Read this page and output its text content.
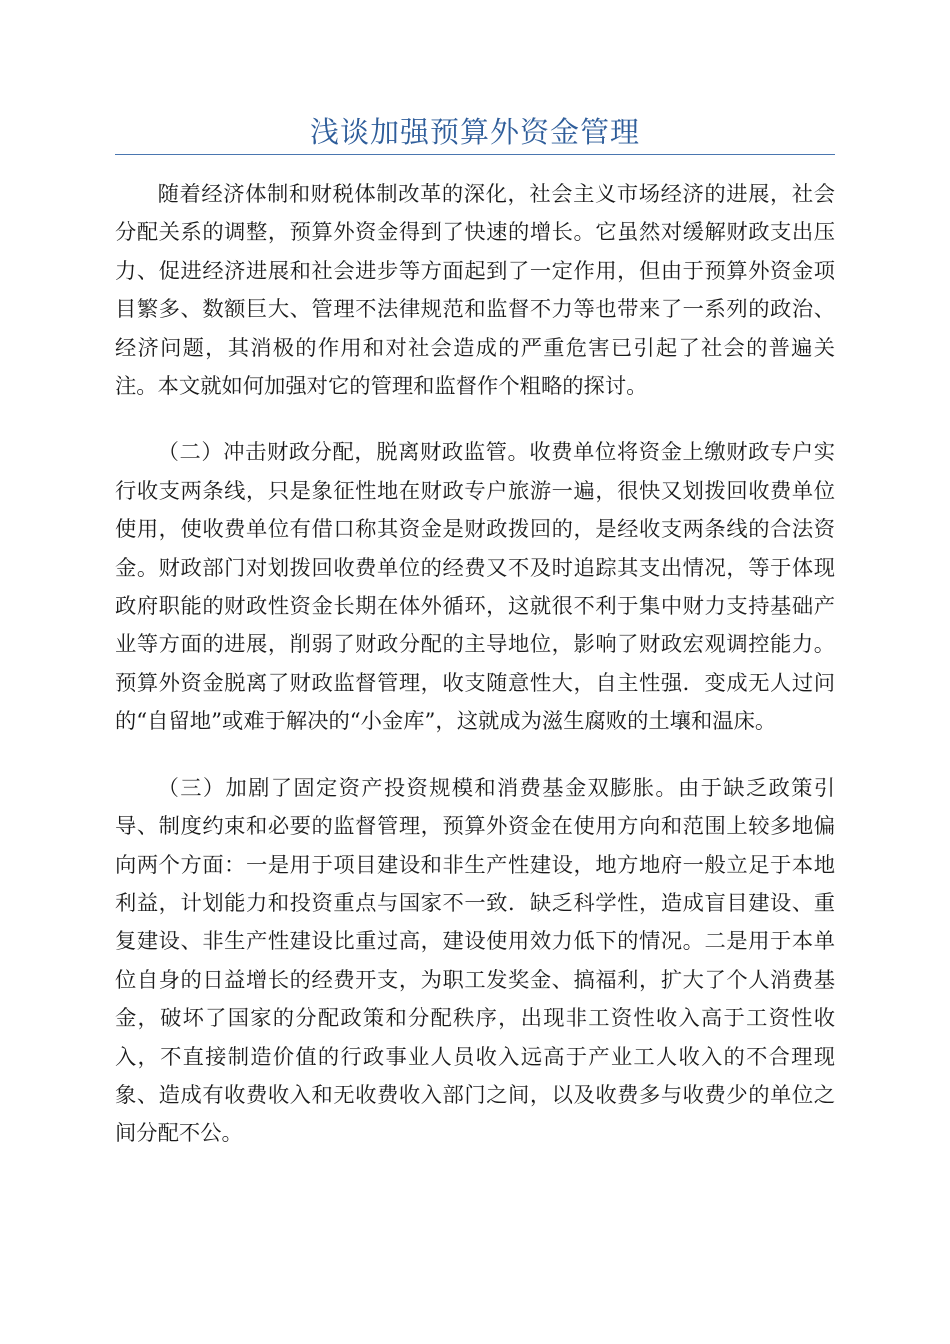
浅谈加强预算外资金管理

随着经济体制和财税体制改革的深化，社会主义市场经济的进展，社会分配关系的调整，预算外资金得到了快速的增长。它虽然对缓解财政支出压力、促进经济进展和社会进步等方面起到了一定作用，但由于预算外资金项目繁多、数额巨大、管理不法律规范和监督不力等也带来了一系列的政治、经济问题，其消极的作用和对社会造成的严重危害已引起了社会的普遍关注。本文就如何加强对它的管理和监督作个粗略的探讨。

（二）冲击财政分配，脱离财政监管。收费单位将资金上缴财政专户实行收支两条线，只是象征性地在财政专户旅游一遍，很快又划拨回收费单位使用，使收费单位有借口称其资金是财政拨回的，是经收支两条线的合法资金。财政部门对划拨回收费单位的经费又不及时追踪其支出情况，等于体现政府职能的财政性资金长期在体外循环，这就很不利于集中财力支持基础产业等方面的进展，削弱了财政分配的主导地位，影响了财政宏观调控能力。预算外资金脱离了财政监督管理，收支随意性大，自主性强．变成无人过问的“自留地”或难于解决的“小金库”，这就成为滋生腐败的土壤和温床。

（三）加剧了固定资产投资规模和消费基金双膨胀。由于缺乏政策引导、制度约束和必要的监督管理，预算外资金在使用方向和范围上较多地偏向两个方面：一是用于项目建设和非生产性建设，地方地府一般立足于本地利益，计划能力和投资重点与国家不一致．缺乏科学性，造成盲目建设、重复建设、非生产性建设比重过高，建设使用效力低下的情况。二是用于本单位自身的日益增长的经费开支，为职工发奖金、搞福利，扩大了个人消费基金，破坏了国家的分配政策和分配秩序，出现非工资性收入高于工资性收入，不直接制造价值的行政事业人员收入远高于产业工人收入的不合理现象、造成有收费收入和无收费收入部门之间，以及收费多与收费少的单位之间分配不公。
